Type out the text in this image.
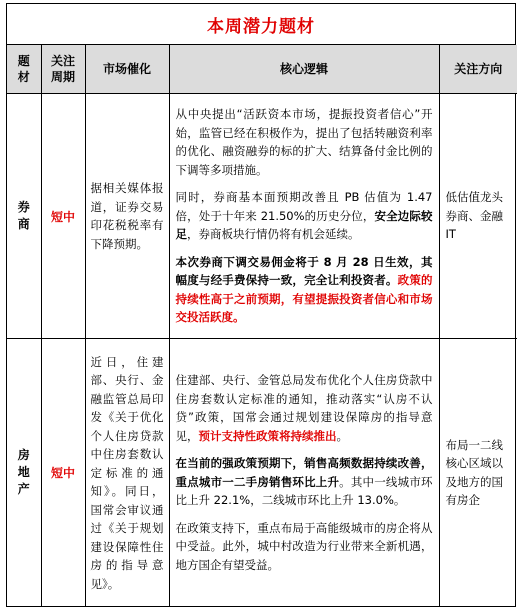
本周潜力题材
题材	关注周期	市场催化	核心逻辑	关注方向
券商	短中	据相关媒体报道，证券交易印花税税率有下降预期。	从中央提出“活跃资本市场，提振投资者信心”开始，监管已经在积极作为，提出了包括转融资利率的优化、融资融券的标的扩大、结算备付金比例的下调等多项措施。

同时，券商基本面预期改善且 PB 估值为 1.47 倍，处于十年来 21.50%的历史分位，安全边际较足，券商板块行情仍将有机会延续。

本次券商下调交易佣金将于 8 月 28 日生效，其幅度与经手费保持一致，完全让利投资者。政策的持续性高于之前预期，有望提振投资者信心和市场交投活跃度。	低估值龙头券商、金融 IT
房地产	短中	近日，住建部、央行、金融监管总局印发《关于优化个人住房贷款中住房套数认定标准的通知》。同日，国常会审议通过《关于规划建设保障性住房的指导意见》。	住建部、央行、金管总局发布优化个人住房贷款中住房套数认定标准的通知，推动落实“认房不认贷”政策，国常会通过规划建设保障房的指导意见，预计支持性政策将持续推出。

在当前的强政策预期下，销售高频数据持续改善，重点城市一二手房销售环比上升。其中一线城市环比上升 22.1%，二线城市环比上升 13.0%。

在政策支持下，重点布局于高能级城市的房企将从中受益。此外，城中村改造为行业带来全新机遇，地方国企有望受益。	布局一二线核心区域以及地方的国有房企
